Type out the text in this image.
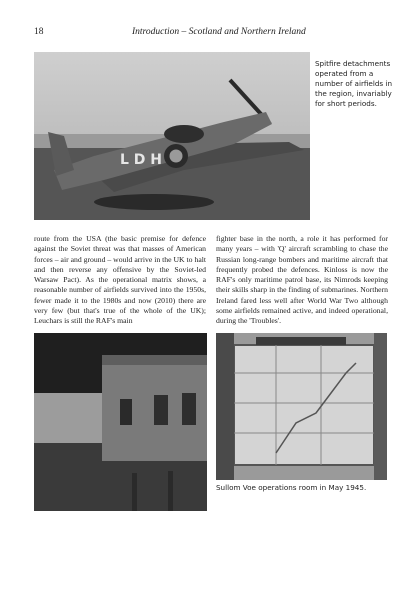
18	Introduction – Scotland and Northern Ireland
L D H
Spitfire detachments operated from a number of airfields in the region, invariably for short periods.
route from the USA (the basic premise for defence against the Soviet threat was that masses of American forces – air and ground – would arrive in the UK to halt and then reverse any offensive by the Soviet-led Warsaw Pact). As the operational matrix shows, a reasonable number of airfields survived into the 1950s, fewer made it to the 1980s and now (2010) there are very few (but that's true of the whole of the UK); Leuchars is still the RAF's main
fighter base in the north, a role it has performed for many years – with 'Q' aircraft scrambling to chase the Russian long-range bombers and maritime aircraft that frequently probed the defences. Kinloss is now the RAF's only maritime patrol base, its Nimrods keeping their skills sharp in the finding of submarines. Northern Ireland fared less well after World War Two although some airfields remained active, and indeed operational, during the 'Troubles'.
Sullom Voe operations room in May 1945.
